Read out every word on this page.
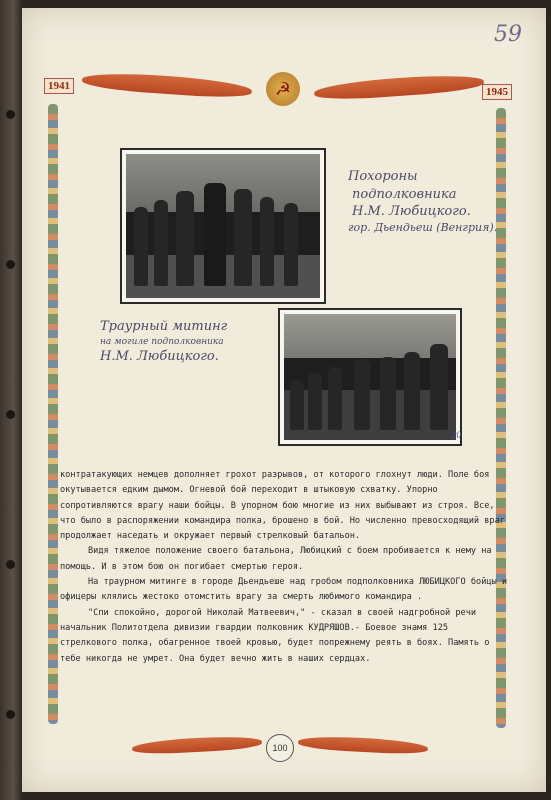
59
☭
1941	1945
Похороны
подполковника
Н.М. Любицкого.
гор. Дьендьеш (Венгрия).
Траурный митинг
на могиле подполковника
Н.М. Любицкого.
20

контратакующих немцев дополняет грохот разрывов, от которого глохнут люди. Поле боя окутывается едким дымом. Огневой бой переходит в штыковую схватку. Упорно сопротивляются врагу наши бойцы. В упорном бою многие из них выбывают из строя. Все, что было в распоряжении командира полка, брошено в бой. Но численно превосходящий враг продолжает наседать и окружает первый стрелковый батальон.

Видя тяжелое положение своего батальона, Любицкий с боем пробивается к нему на помощь. И в этом бою он погибает смертью героя.

На траурном митинге в городе Дьендьеше над гробом подполковника ЛЮБИЦКОГО бойцы и офицеры клялись жестоко отомстить врагу за смерть любимого командира .

"Спи спокойно, дорогой Николай Матвеевич," - сказал в своей надгробной речи начальник Политотдела дивизии гвардии полковник КУДРЯШОВ.- Боевое знамя 125 стрелкового полка, обагренное твоей кровью, будет попрежнему реять в боях. Память о тебе никогда не умрет. Она будет вечно жить в наших сердцах.

100
